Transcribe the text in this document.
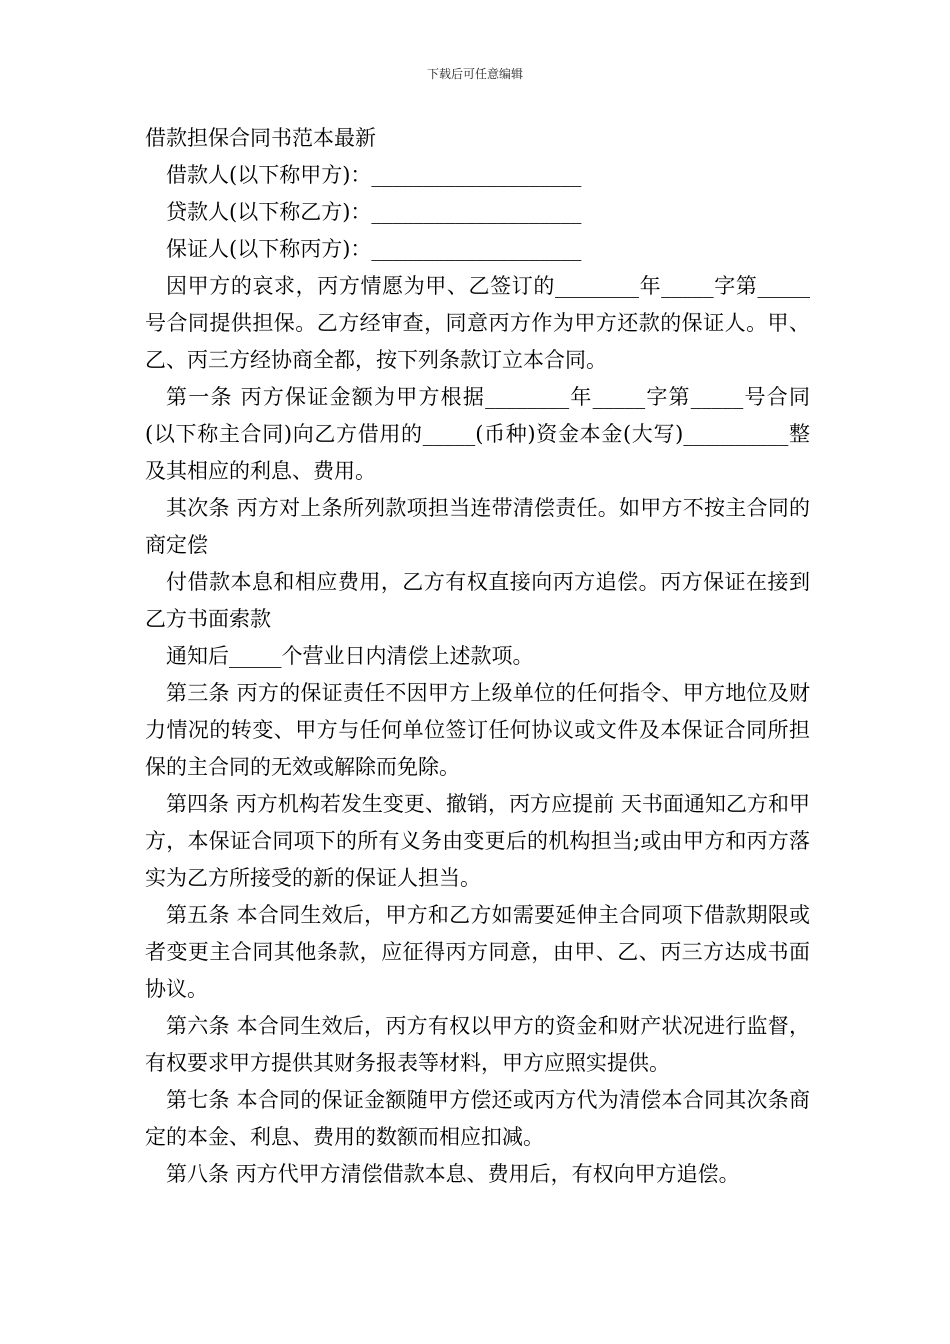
下载后可任意编辑
借款担保合同书范本最新

借款人(以下称甲方)：____________________

贷款人(以下称乙方)：____________________

保证人(以下称丙方)：____________________

因甲方的哀求，丙方情愿为甲、乙签订的________年_____字第_____号合同提供担保。乙方经审查，同意丙方作为甲方还款的保证人。甲、乙、丙三方经协商全都，按下列条款订立本合同。

第一条 丙方保证金额为甲方根据________年_____字第_____号合同(以下称主合同)向乙方借用的_____(币种)资金本金(大写)__________整及其相应的利息、费用。

其次条 丙方对上条所列款项担当连带清偿责任。如甲方不按主合同的商定偿

付借款本息和相应费用，乙方有权直接向丙方追偿。丙方保证在接到乙方书面索款

通知后_____个营业日内清偿上述款项。

第三条 丙方的保证责任不因甲方上级单位的任何指令、甲方地位及财力情况的转变、甲方与任何单位签订任何协议或文件及本保证合同所担保的主合同的无效或解除而免除。

第四条 丙方机构若发生变更、撤销，丙方应提前 天书面通知乙方和甲方，本保证合同项下的所有义务由变更后的机构担当;或由甲方和丙方落实为乙方所接受的新的保证人担当。

第五条 本合同生效后，甲方和乙方如需要延伸主合同项下借款期限或者变更主合同其他条款，应征得丙方同意，由甲、乙、丙三方达成书面协议。

第六条 本合同生效后，丙方有权以甲方的资金和财产状况进行监督，有权要求甲方提供其财务报表等材料，甲方应照实提供。

第七条 本合同的保证金额随甲方偿还或丙方代为清偿本合同其次条商定的本金、利息、费用的数额而相应扣减。

第八条 丙方代甲方清偿借款本息、费用后，有权向甲方追偿。
